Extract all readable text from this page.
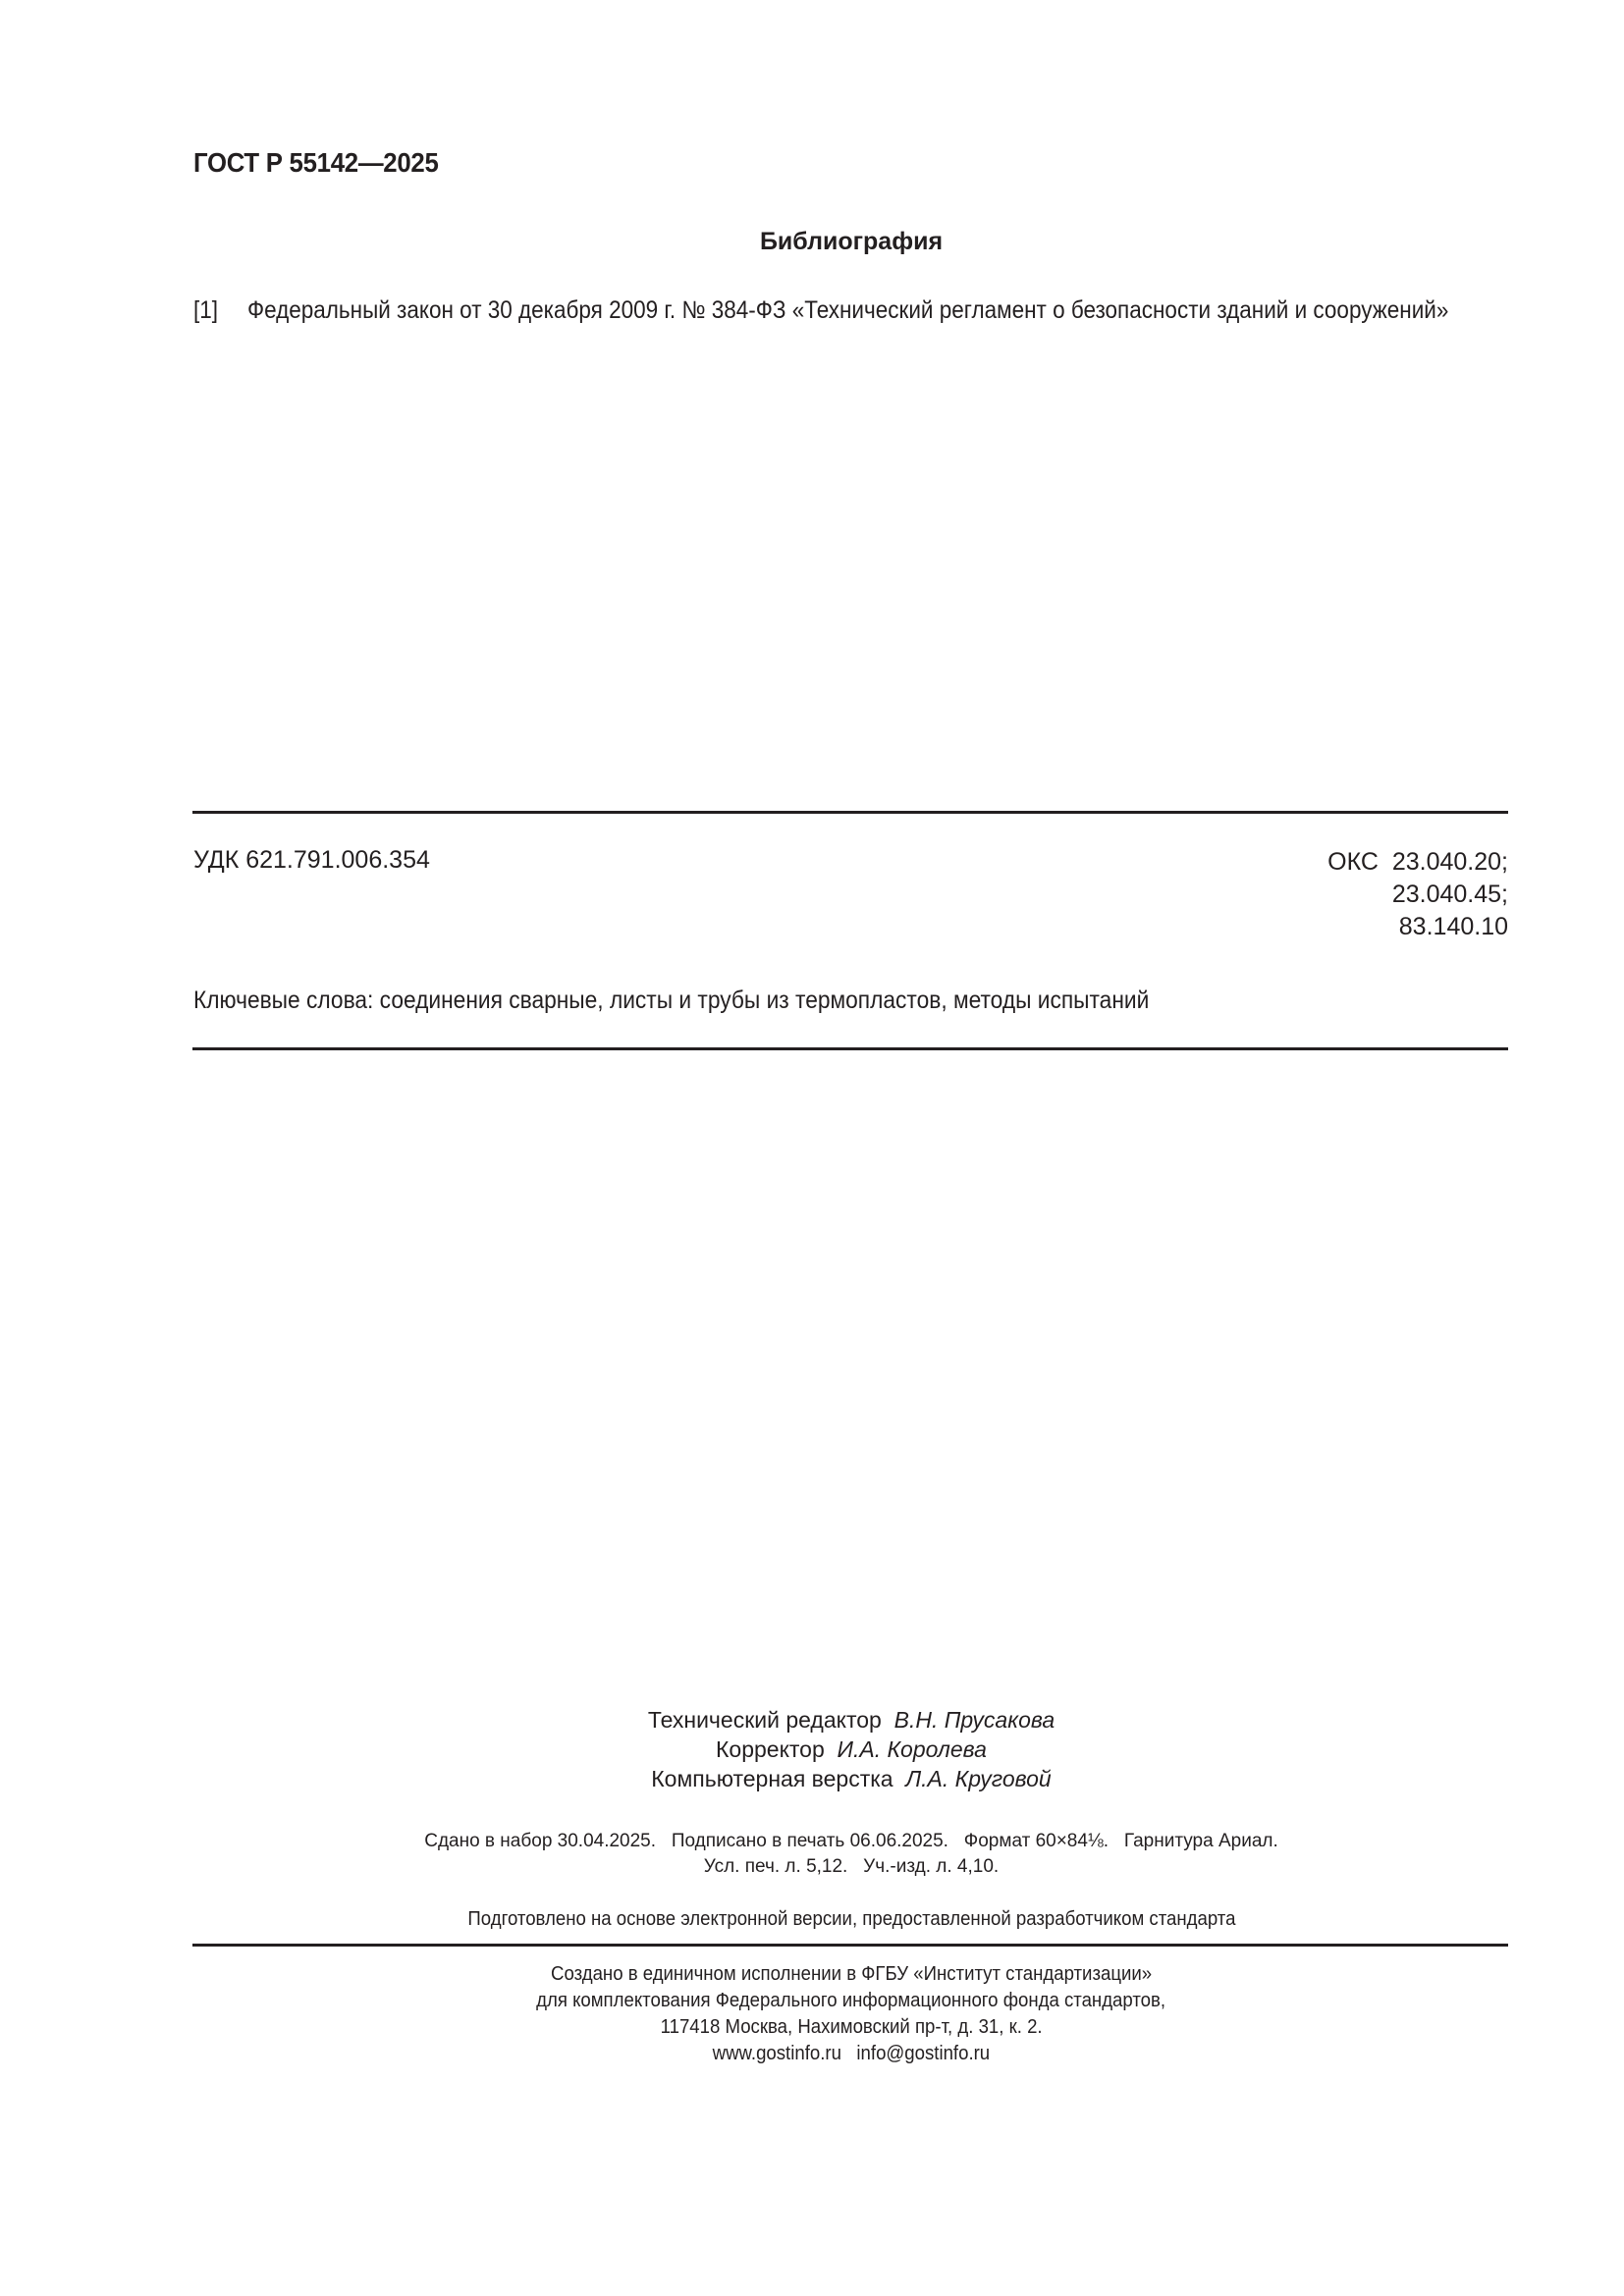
ГОСТ Р 55142—2025
Библиография
[1] Федеральный закон от 30 декабря 2009 г. № 384-ФЗ «Технический регламент о безопасности зданий и сооружений»
УДК 621.791.006.354	ОКС 23.040.20;
23.040.45;
83.140.10
Ключевые слова: соединения сварные, листы и трубы из термопластов, методы испытаний
Технический редактор В.Н. Прусакова
Корректор И.А. Королева
Компьютерная верстка Л.А. Круговой
Сдано в набор 30.04.2025.   Подписано в печать 06.06.2025.   Формат 60×84⅛.   Гарнитура Ариал.
Усл. печ. л. 5,12.   Уч.-изд. л. 4,10.
Подготовлено на основе электронной версии, предоставленной разработчиком стандарта
Создано в единичном исполнении в ФГБУ «Институт стандартизации»
для комплектования Федерального информационного фонда стандартов,
117418 Москва, Нахимовский пр-т, д. 31, к. 2.
www.gostinfo.ru   info@gostinfo.ru
